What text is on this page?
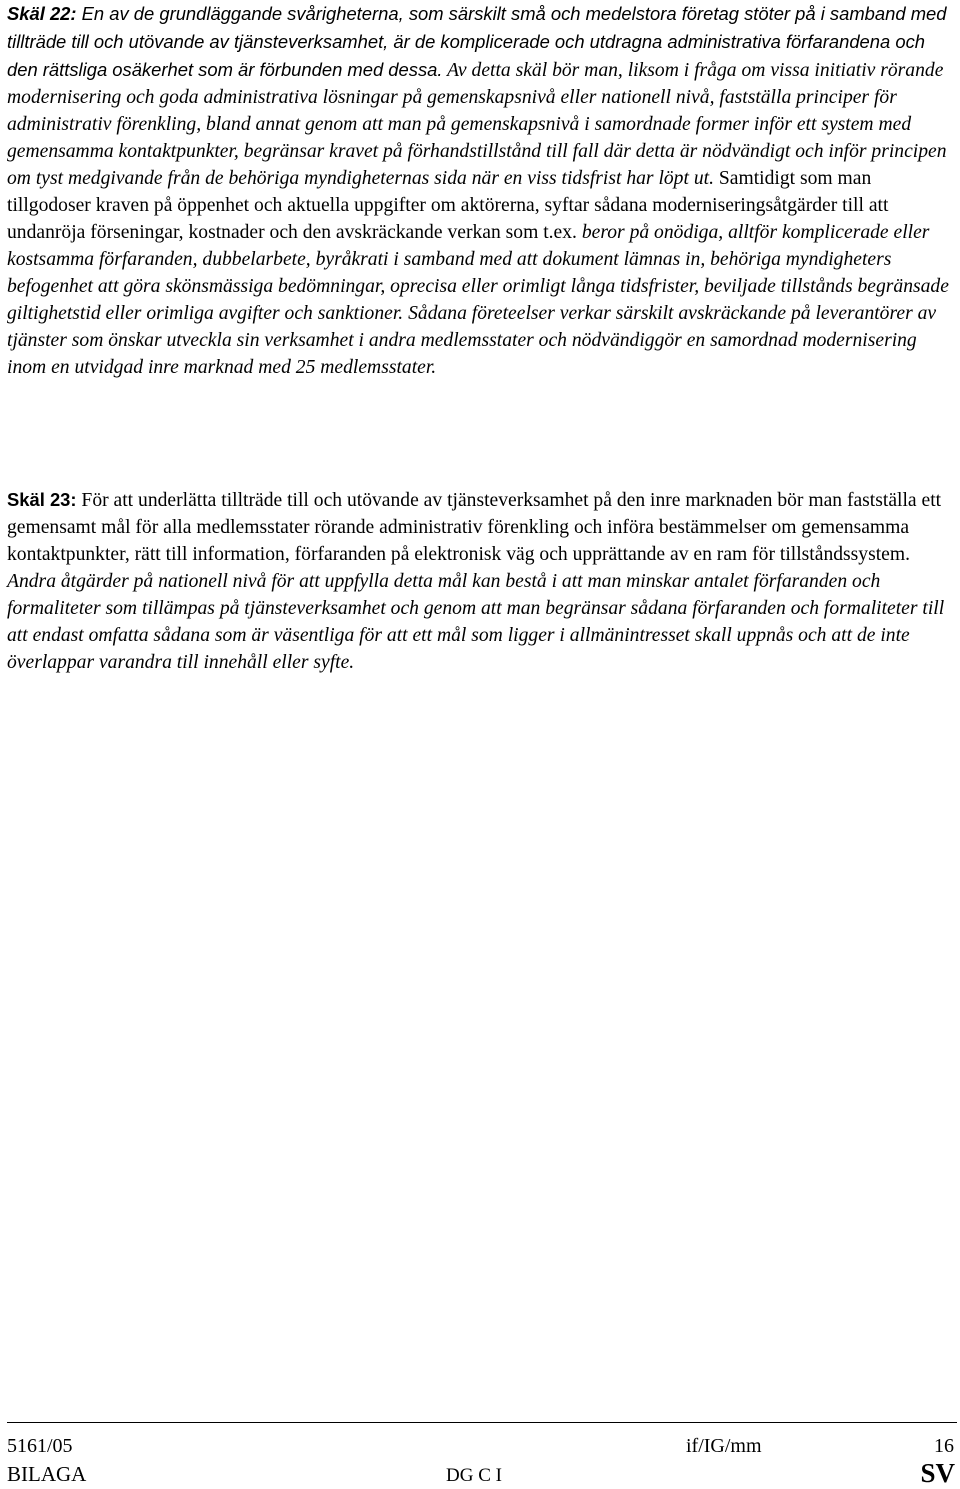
Skäl 22: En av de grundläggande svårigheterna, som särskilt små och medelstora företag stöter på i samband med tillträde till och utövande av tjänsteverksamhet, är de komplicerade och utdragna administrativa förfarandena och den rättsliga osäkerhet som är förbunden med dessa. Av detta skäl bör man, liksom i fråga om vissa initiativ rörande modernisering och goda administrativa lösningar på gemenskapsnivå eller nationell nivå, fastställa principer för administrativ förenkling, bland annat genom att man på gemenskapsnivå i samordnade former inför ett system med gemensamma kontaktpunkter, begränsar kravet på förhandstillstånd till fall där detta är nödvändigt och inför principen om tyst medgivande från de behöriga myndigheternas sida när en viss tidsfrist har löpt ut. Samtidigt som man tillgodoser kraven på öppenhet och aktuella uppgifter om aktörerna, syftar sådana moderniseringsåtgärder till att undanröja förseningar, kostnader och den avskräckande verkan som t.ex. beror på onödiga, alltför komplicerade eller kostsamma förfaranden, dubbelarbete, byråkrati i samband med att dokument lämnas in, behöriga myndigheters befogenhet att göra skönsmässiga bedömningar, oprecisa eller orimligt långa tidsfrister, beviljade tillstånds begränsade giltighetstid eller orimliga avgifter och sanktioner. Sådana företeelser verkar särskilt avskräckande på leverantörer av tjänster som önskar utveckla sin verksamhet i andra medlemsstater och nödvändiggör en samordnad modernisering inom en utvidgad inre marknad med 25 medlemsstater.

Skäl 23: För att underlätta tillträde till och utövande av tjänsteverksamhet på den inre marknaden bör man fastställa ett gemensamt mål för alla medlemsstater rörande administrativ förenkling och införa bestämmelser om gemensamma kontaktpunkter, rätt till information, förfaranden på elektronisk väg och upprättande av en ram för tillståndssystem. Andra åtgärder på nationell nivå för att uppfylla detta mål kan bestå i att man minskar antalet förfaranden och formaliteter som tillämpas på tjänsteverksamhet och genom att man begränsar sådana förfaranden och formaliteter till att endast omfatta sådana som är väsentliga för att ett mål som ligger i allmänintresset skall uppnås och att de inte överlappar varandra till innehåll eller syfte.

5161/05	if/IG/mm	16
BILAGA	DG C I	SV
